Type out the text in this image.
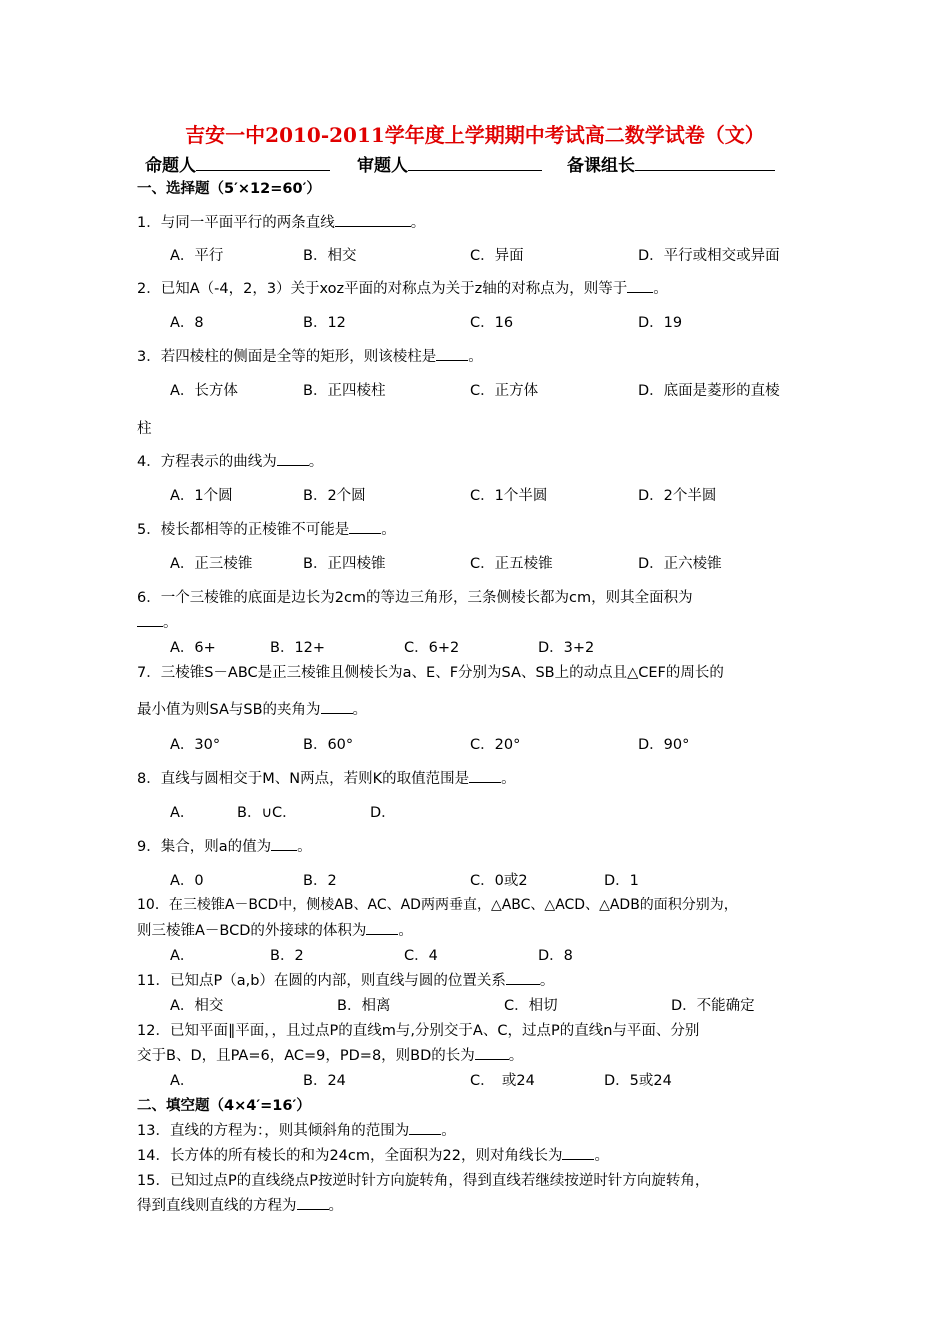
吉安一中2010-2011学年度上学期期中考试高二数学试卷（文）
命题人	审题人	备课组长
一、选择题（5′×12=60′）
1．与同一平面平行的两条直线	。
A．平行	B．相交	C．异面	D．平行或相交或异面
2．已知A（-4，2，3）关于xoz平面的对称点为关于z轴的对称点为，则等于 。
A．8	B．12	C．16	D．19
3．若四棱柱的侧面是全等的矩形，则该棱柱是 。
A．长方体	B．正四棱柱	C．正方体	D．底面是菱形的直棱
柱
4．方程表示的曲线为 。
A．1个圆	B．2个圆	C．1个半圆	D．2个半圆
5．棱长都相等的正棱锥不可能是 。
A．正三棱锥	B．正四棱锥	C．正五棱锥	D．正六棱锥
6．一个三棱锥的底面是边长为2cm的等边三角形，三条侧棱长都为cm，则其全面积为
。
A．6+	B．12+	C．6+2	D．3+2
7．三棱锥S－ABC是正三棱锥且侧棱长为a、E、F分别为SA、SB上的动点且△CEF的周长的
最小值为则SA与SB的夹角为 。
A．30°	B．60°	C．20°	D．90°
8．直线与圆相交于M、N两点，若则K的取值范围是 。
A．	B．∪C．	D．
9．集合，则a的值为 。
A．0	B．2	C．0或2	D．1
10．在三棱锥A－BCD中，侧棱AB、AC、AD两两垂直，△ABC、△ACD、△ADB的面积分别为，
则三棱锥A－BCD的外接球的体积为 。
A．	B．2	C．4	D．8
11．已知点P（a,b）在圆的内部，则直线与圆的位置关系 。
A．相交	B．相离	C．相切	D．不能确定
12．已知平面∥平面，，且过点P的直线m与,分别交于A、C，过点P的直线n与平面、分别
交于B、D，且PA=6，AC=9，PD=8，则BD的长为 。
A．	B．24	C．　或24	D．5或24
二、填空题（4×4′=16′）
13．直线的方程为：，则其倾斜角的范围为 。
14．长方体的所有棱长的和为24cm，全面积为22，则对角线长为 。
15．已知过点P的直线绕点P按逆时针方向旋转角，得到直线若继续按逆时针方向旋转角，
得到直线则直线的方程为 。
